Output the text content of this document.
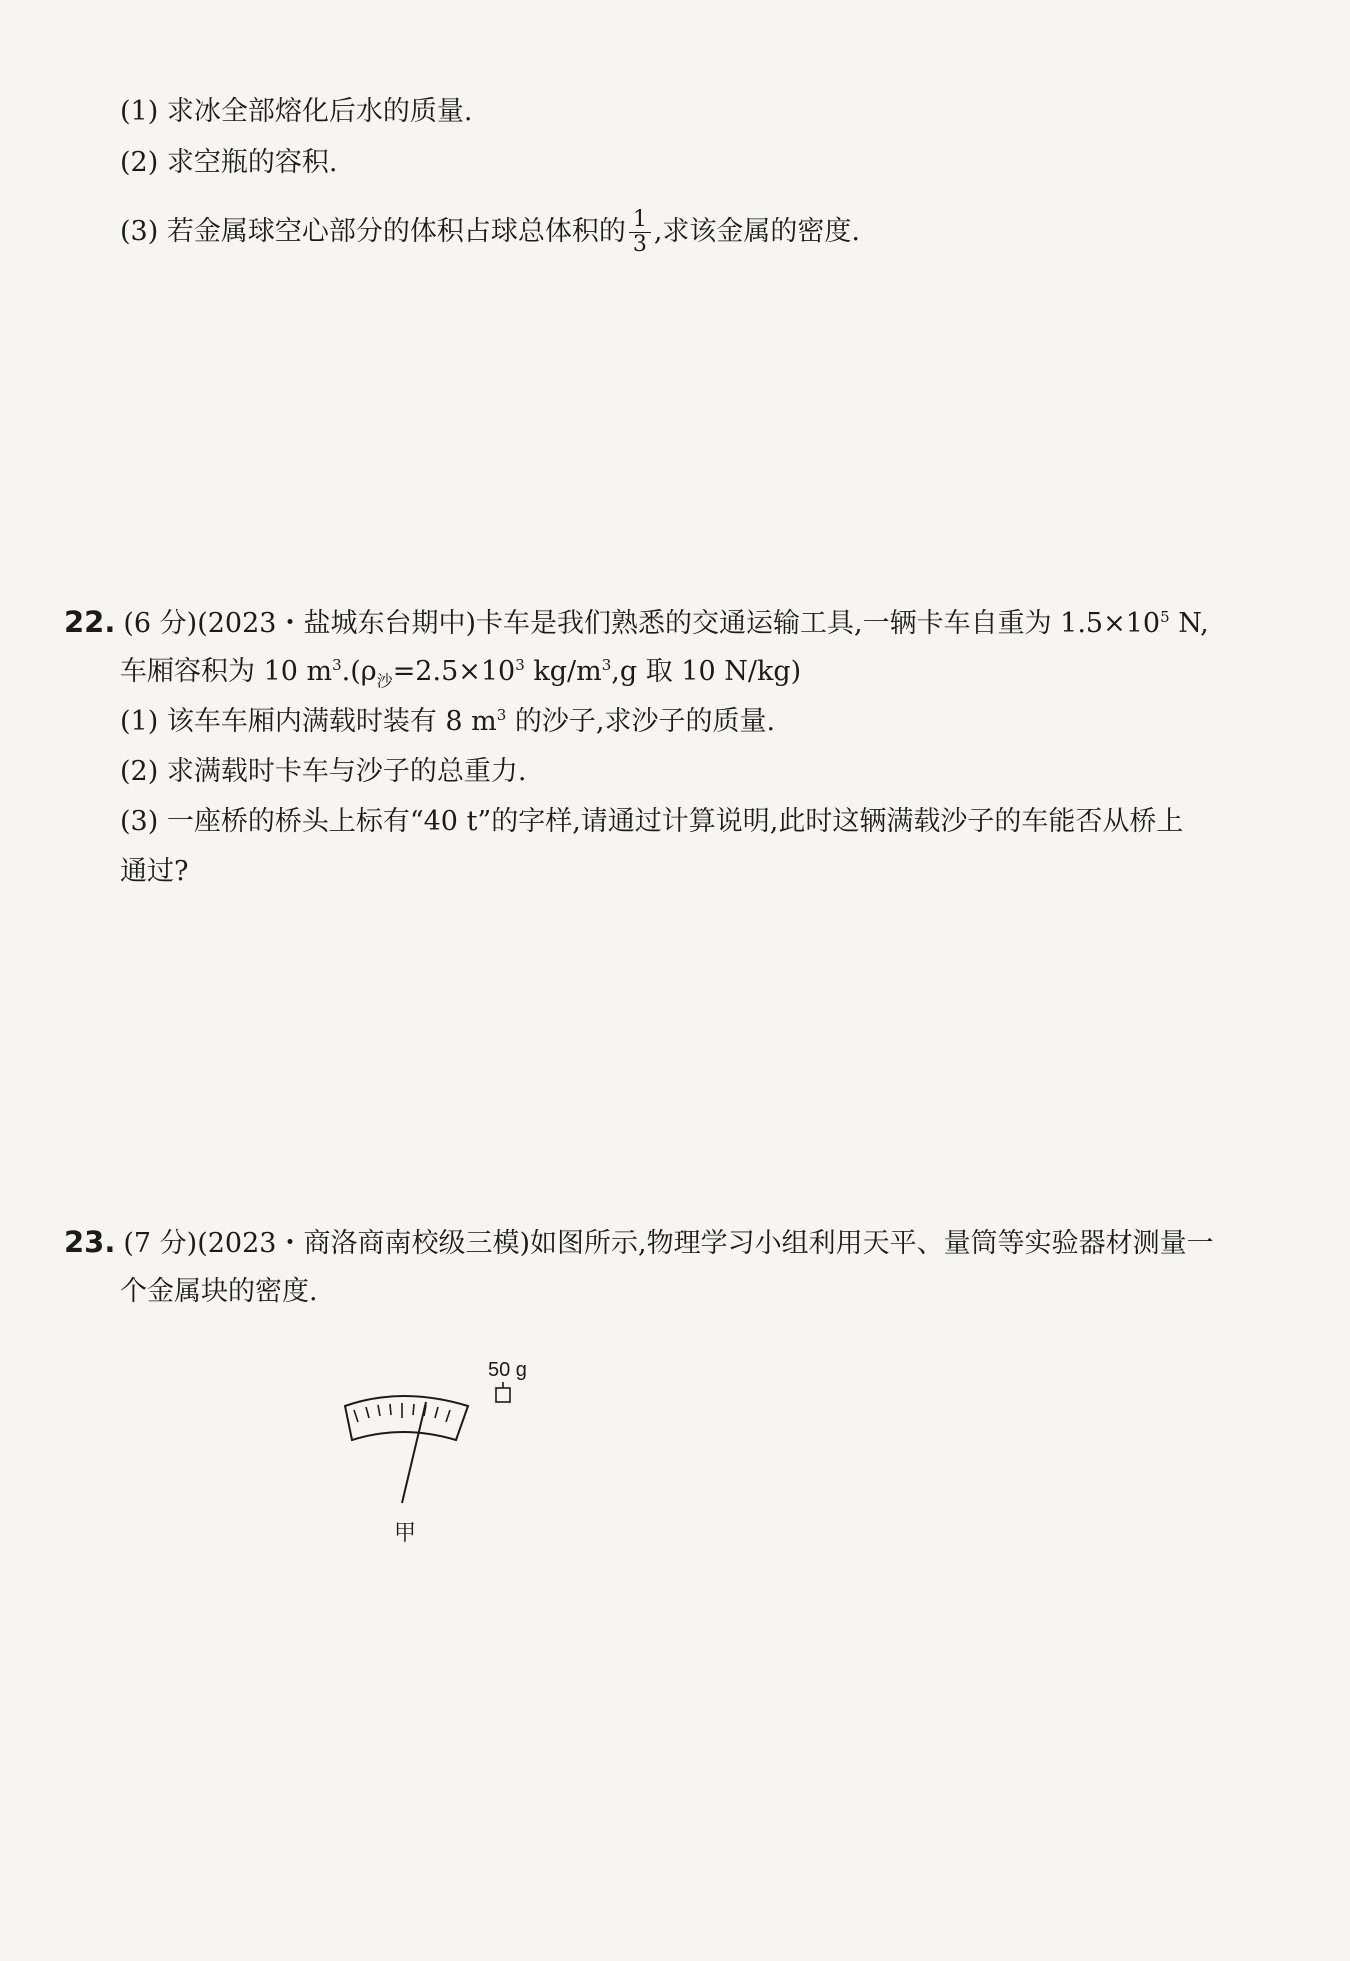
(1) 求冰全部熔化后水的质量.
(2) 求空瓶的容积.
(3) 若金属球空心部分的体积占球总体积的 $\frac{1}{3}$ ,求该金属的密度.
22. (6 分)(2023・盐城东台期中)卡车是我们熟悉的交通运输工具,一辆卡车自重为 $1.5\times 10^5$ N,
车厢容积为 10 $m^3.(\rho_沙=2.5\times 10^3$ $kg/m^3,g$ 取 10 N/kg)
(1) 该车车厢内满载时装有 8 $m^3$ 的沙子,求沙子的质量.
(2) 求满载时卡车与沙子的总重力.
(3) 一座桥的桥头上标有“40 t”的字样,请通过计算说明,此时这辆满载沙子的车能否从桥上
通过?
23. (7 分)(2023・商洛商南校级三模)如图所示,物理学习小组利用天平、量筒等实验器材测量一
个金属块的密度.
甲
50 g
